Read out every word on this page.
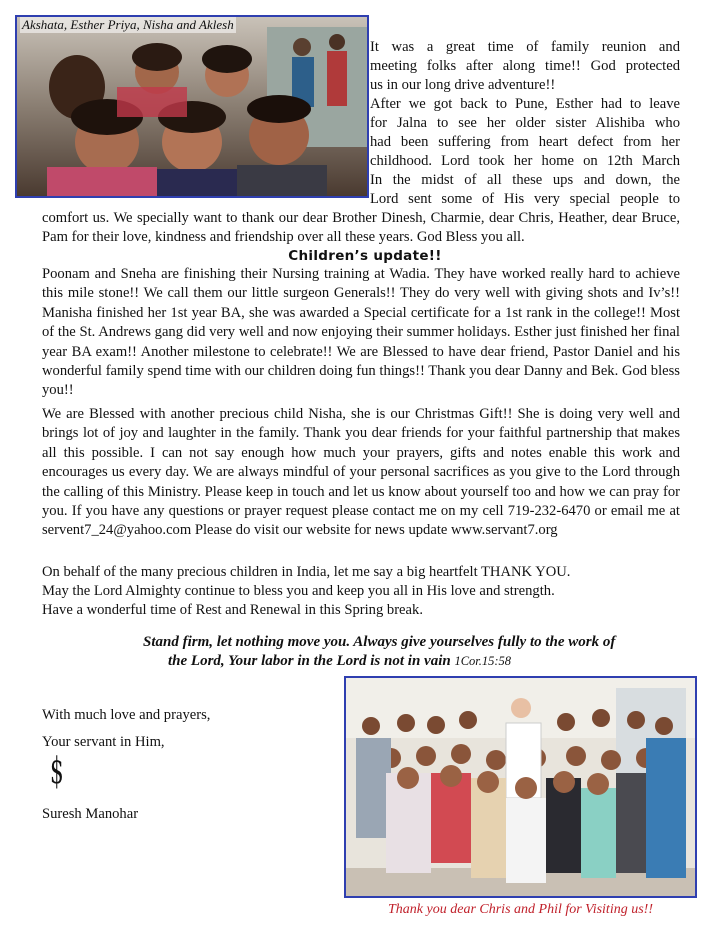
Akshata, Esther Priya, Nisha and Aklesh
It was a great time of family reunion and
meeting folks after along time!! God protected
us in our long drive adventure!!
After we got back to Pune, Esther had to leave
for Jalna to see her older sister Alishiba who
had been suffering from heart defect from her
childhood. Lord took her home on 12th March
In the midst of all these ups and down, the
Lord sent some of His very special people to

comfort us. We specially want to thank our dear Brother Dinesh, Charmie, dear Chris, Heather, dear Bruce, Pam for their love, kindness and friendship over all these years. God Bless you all.

Children’s update!!

Poonam and Sneha are finishing their Nursing training at Wadia. They have worked really hard to achieve this mile stone!! We call them our little surgeon Generals!! They do very well with giving shots and Iv’s!! Manisha finished her 1st year BA, she was awarded a Special certificate for a 1st rank in the college!! Most of the St. Andrews gang did very well and now enjoying their summer holidays. Esther just finished her final year BA exam!! Another milestone to celebrate!! We are Blessed to have dear friend, Pastor Daniel and his wonderful family spend time with our children doing fun things!! Thank you dear Danny and Bek. God bless you!!

We are Blessed with another precious child Nisha, she is our Christmas Gift!! She is doing very well and brings lot of joy and laughter in the family. Thank you dear friends for your faithful partnership that makes all this possible. I can not say enough how much your prayers, gifts and notes enable this work and encourages us every day. We are always mindful of your personal sacrifices as you give to the Lord through the calling of this Ministry. Please keep in touch and let us know about yourself too and how we can pray for you. If you have any questions or prayer request please contact me on my cell 719-232-6470 or email me at servent7_24@yahoo.com Please do visit our website for news update www.servant7.org

On behalf of the many precious children in India, let me say a big heartfelt THANK YOU.
May the Lord Almighty continue to bless you and keep you all in His love and strength.
Have a wonderful time of Rest and Renewal in this Spring break.
Stand firm, let nothing move you. Always give yourselves fully to the work of
the Lord, Your labor in the Lord is not in vain 1Cor.15:58
With much love and prayers,
Your servant in Him,
$
Suresh Manohar
Thank you dear Chris and Phil for Visiting us!!
